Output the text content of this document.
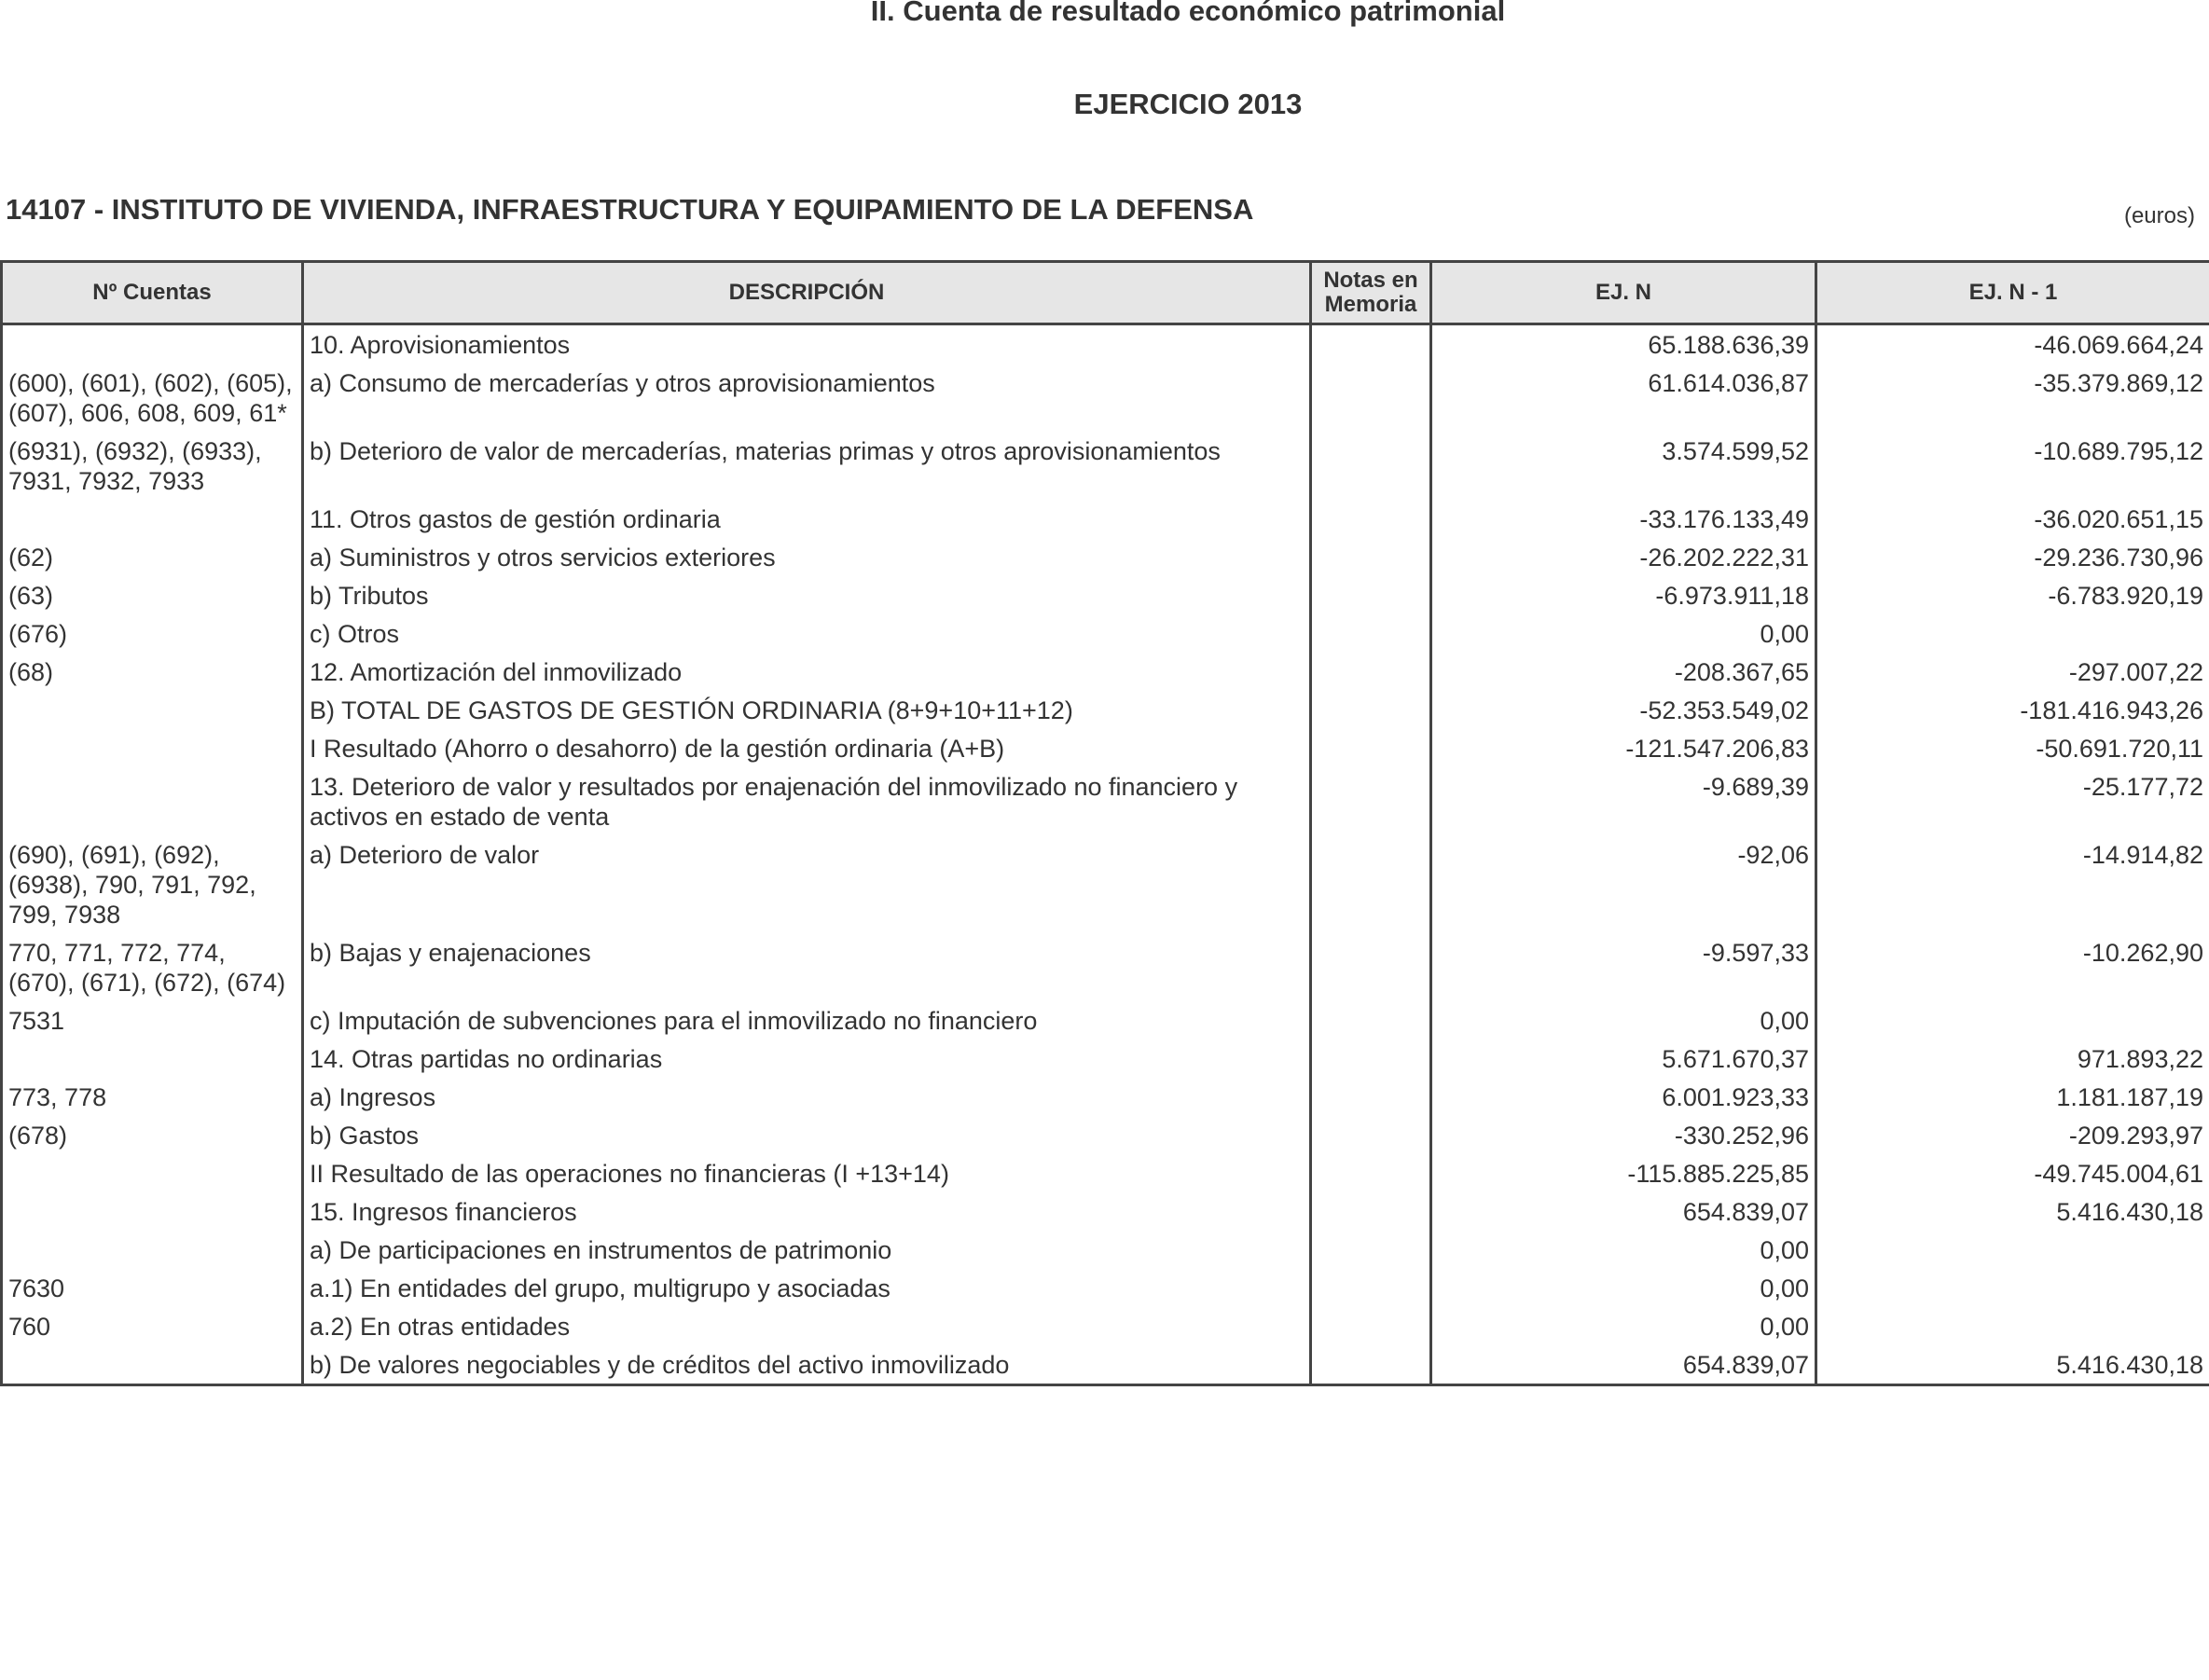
II. Cuenta de resultado económico patrimonial
EJERCICIO 2013
14107 - INSTITUTO DE VIVIENDA, INFRAESTRUCTURA Y EQUIPAMIENTO DE LA DEFENSA	(euros)
Nº Cuentas	DESCRIPCIÓN	Notas en Memoria	EJ. N	EJ. N - 1
	10. Aprovisionamientos		65.188.636,39	-46.069.664,24
(600), (601), (602), (605), (607), 606, 608, 609, 61*	a) Consumo de mercaderías y otros aprovisionamientos		61.614.036,87	-35.379.869,12
(6931), (6932), (6933), 7931, 7932, 7933	b) Deterioro de valor de mercaderías, materias primas y otros aprovisionamientos		3.574.599,52	-10.689.795,12
	11. Otros gastos de gestión ordinaria		-33.176.133,49	-36.020.651,15
(62)	a) Suministros y otros servicios exteriores		-26.202.222,31	-29.236.730,96
(63)	b) Tributos		-6.973.911,18	-6.783.920,19
(676)	c) Otros		0,00	
(68)	12. Amortización del inmovilizado		-208.367,65	-297.007,22
	B) TOTAL DE GASTOS DE GESTIÓN ORDINARIA (8+9+10+11+12)		-52.353.549,02	-181.416.943,26
	I Resultado (Ahorro o desahorro) de la gestión ordinaria (A+B)		-121.547.206,83	-50.691.720,11
	13. Deterioro de valor y resultados por enajenación del inmovilizado no financiero y activos en estado de venta		-9.689,39	-25.177,72
(690), (691), (692), (6938), 790, 791, 792, 799, 7938	a) Deterioro de valor		-92,06	-14.914,82
770, 771, 772, 774, (670), (671), (672), (674)	b) Bajas y enajenaciones		-9.597,33	-10.262,90
7531	c) Imputación de subvenciones para el inmovilizado no financiero		0,00	
	14. Otras partidas no ordinarias		5.671.670,37	971.893,22
773, 778	a) Ingresos		6.001.923,33	1.181.187,19
(678)	b) Gastos		-330.252,96	-209.293,97
	II Resultado de las operaciones no financieras (I +13+14)		-115.885.225,85	-49.745.004,61
	15. Ingresos financieros		654.839,07	5.416.430,18
	a) De participaciones en instrumentos de patrimonio		0,00	
7630	a.1) En entidades del grupo, multigrupo y asociadas		0,00	
760	a.2) En otras entidades		0,00	
	b) De valores negociables y de créditos del activo inmovilizado		654.839,07	5.416.430,18
